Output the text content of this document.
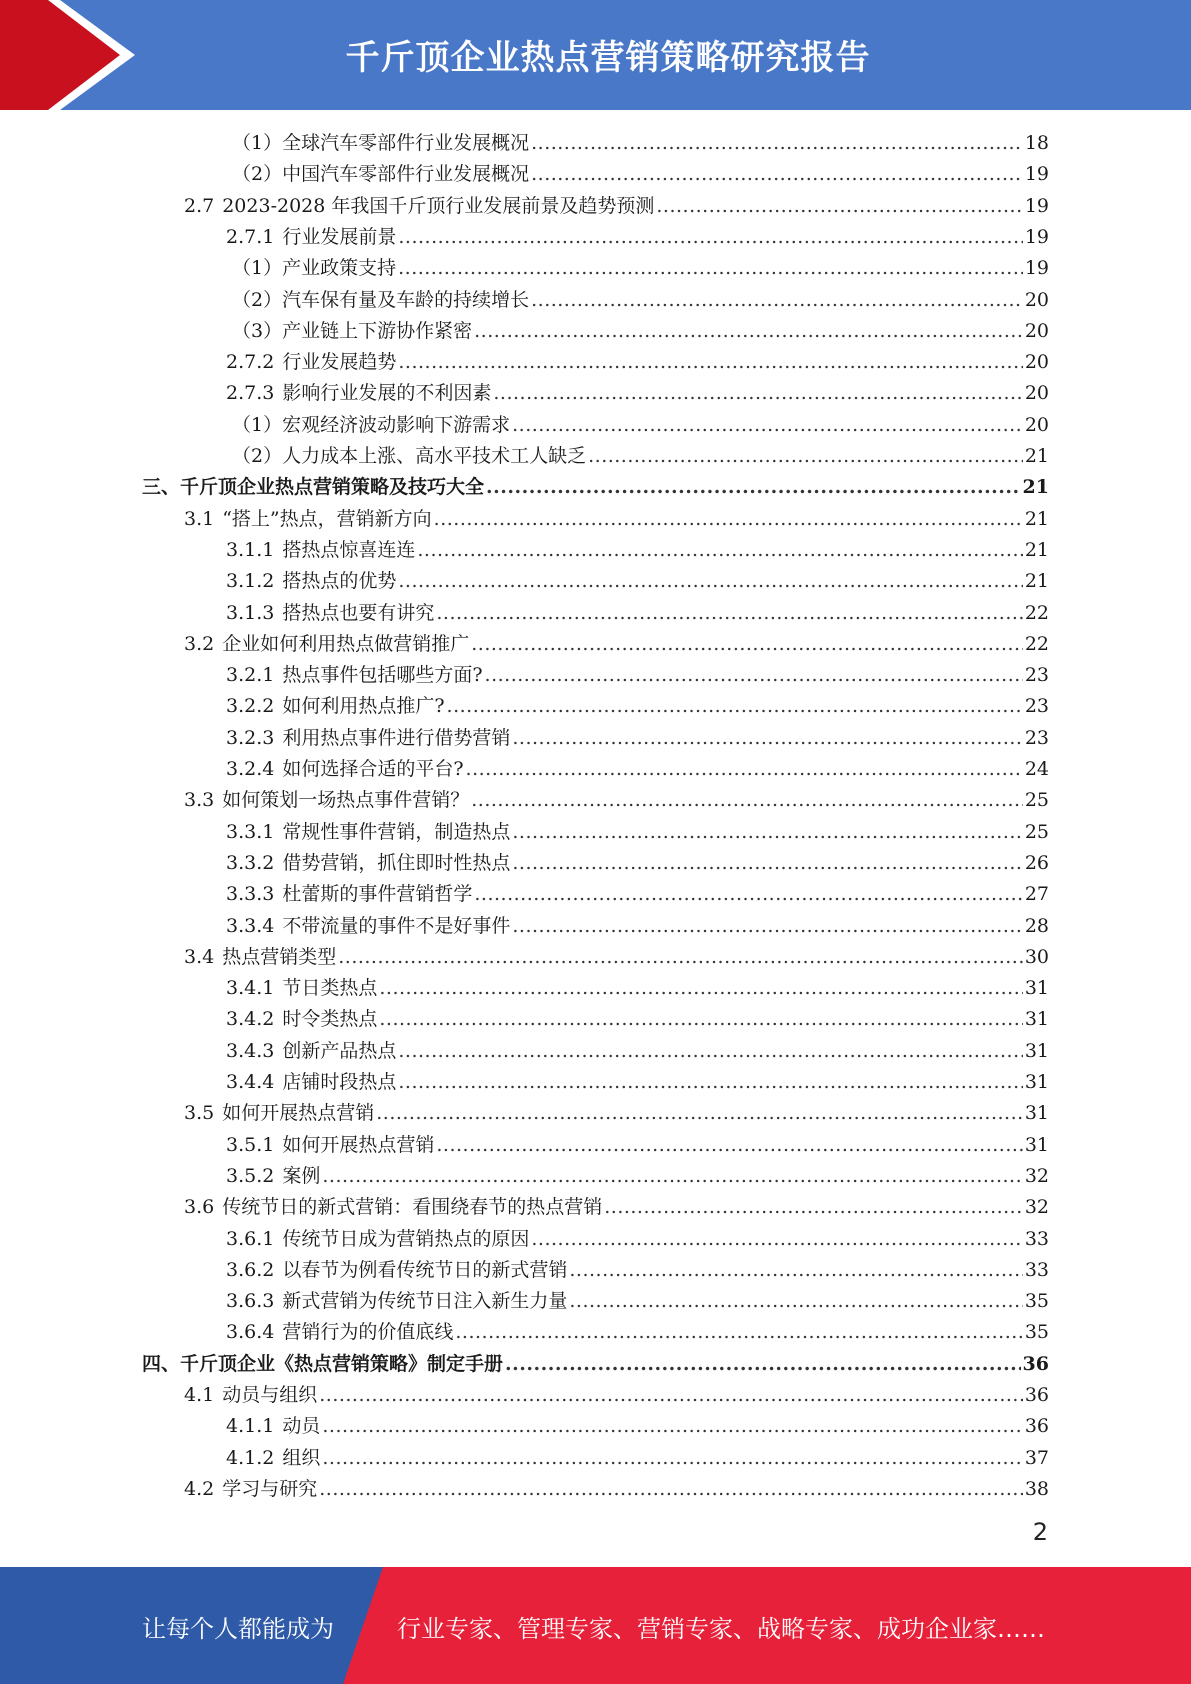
千斤顶企业热点营销策略研究报告
（1） 全球汽车零部件行业发展概况 .....	18
（2） 中国汽车零部件行业发展概况 .....	19
2.7 2023-2028 年我国千斤顶行业发展前景及趋势预测 .....	19
2.7.1 行业发展前景 .....	19
（1） 产业政策支持 .....	19
（2） 汽车保有量及车龄的持续增长 .....	20
（3） 产业链上下游协作紧密 .....	20
2.7.2 行业发展趋势 .....	20
2.7.3 影响行业发展的不利因素 .....	20
（1） 宏观经济波动影响下游需求 .....	20
（2） 人力成本上涨、高水平技术工人缺乏 .....	21
三、 千斤顶企业热点营销策略及技巧大全 .....	21
3.1 “搭上”热点，营销新方向 .....	21
3.1.1 搭热点惊喜连连 .....	21
3.1.2 搭热点的优势 .....	21
3.1.3 搭热点也要有讲究 .....	22
3.2 企业如何利用热点做营销推广 .....	22
3.2.1 热点事件包括哪些方面? .....	23
3.2.2 如何利用热点推广? .....	23
3.2.3 利用热点事件进行借势营销 .....	23
3.2.4 如何选择合适的平台? .....	24
3.3 如何策划一场热点事件营销？ .....	25
3.3.1 常规性事件营销，制造热点 .....	25
3.3.2 借势营销，抓住即时性热点 .....	26
3.3.3 杜蕾斯的事件营销哲学 .....	27
3.3.4 不带流量的事件不是好事件 .....	28
3.4 热点营销类型 .....	30
3.4.1 节日类热点 .....	31
3.4.2 时令类热点 .....	31
3.4.3 创新产品热点 .....	31
3.4.4 店铺时段热点 .....	31
3.5 如何开展热点营销 .....	31
3.5.1 如何开展热点营销 .....	31
3.5.2 案例 .....	32
3.6 传统节日的新式营销：看围绕春节的热点营销 .....	32
3.6.1 传统节日成为营销热点的原因 .....	33
3.6.2 以春节为例看传统节日的新式营销 .....	33
3.6.3 新式营销为传统节日注入新生力量 .....	35
3.6.4 营销行为的价值底线 .....	35
四、 千斤顶企业《热点营销策略》制定手册 .....	36
4.1 动员与组织 .....	36
4.1.1 动员 .....	36
4.1.2 组织 .....	37
4.2 学习与研究 .....	38
2
让每个人都能成为	行业专家、管理专家、营销专家、战略专家、成功企业家……
